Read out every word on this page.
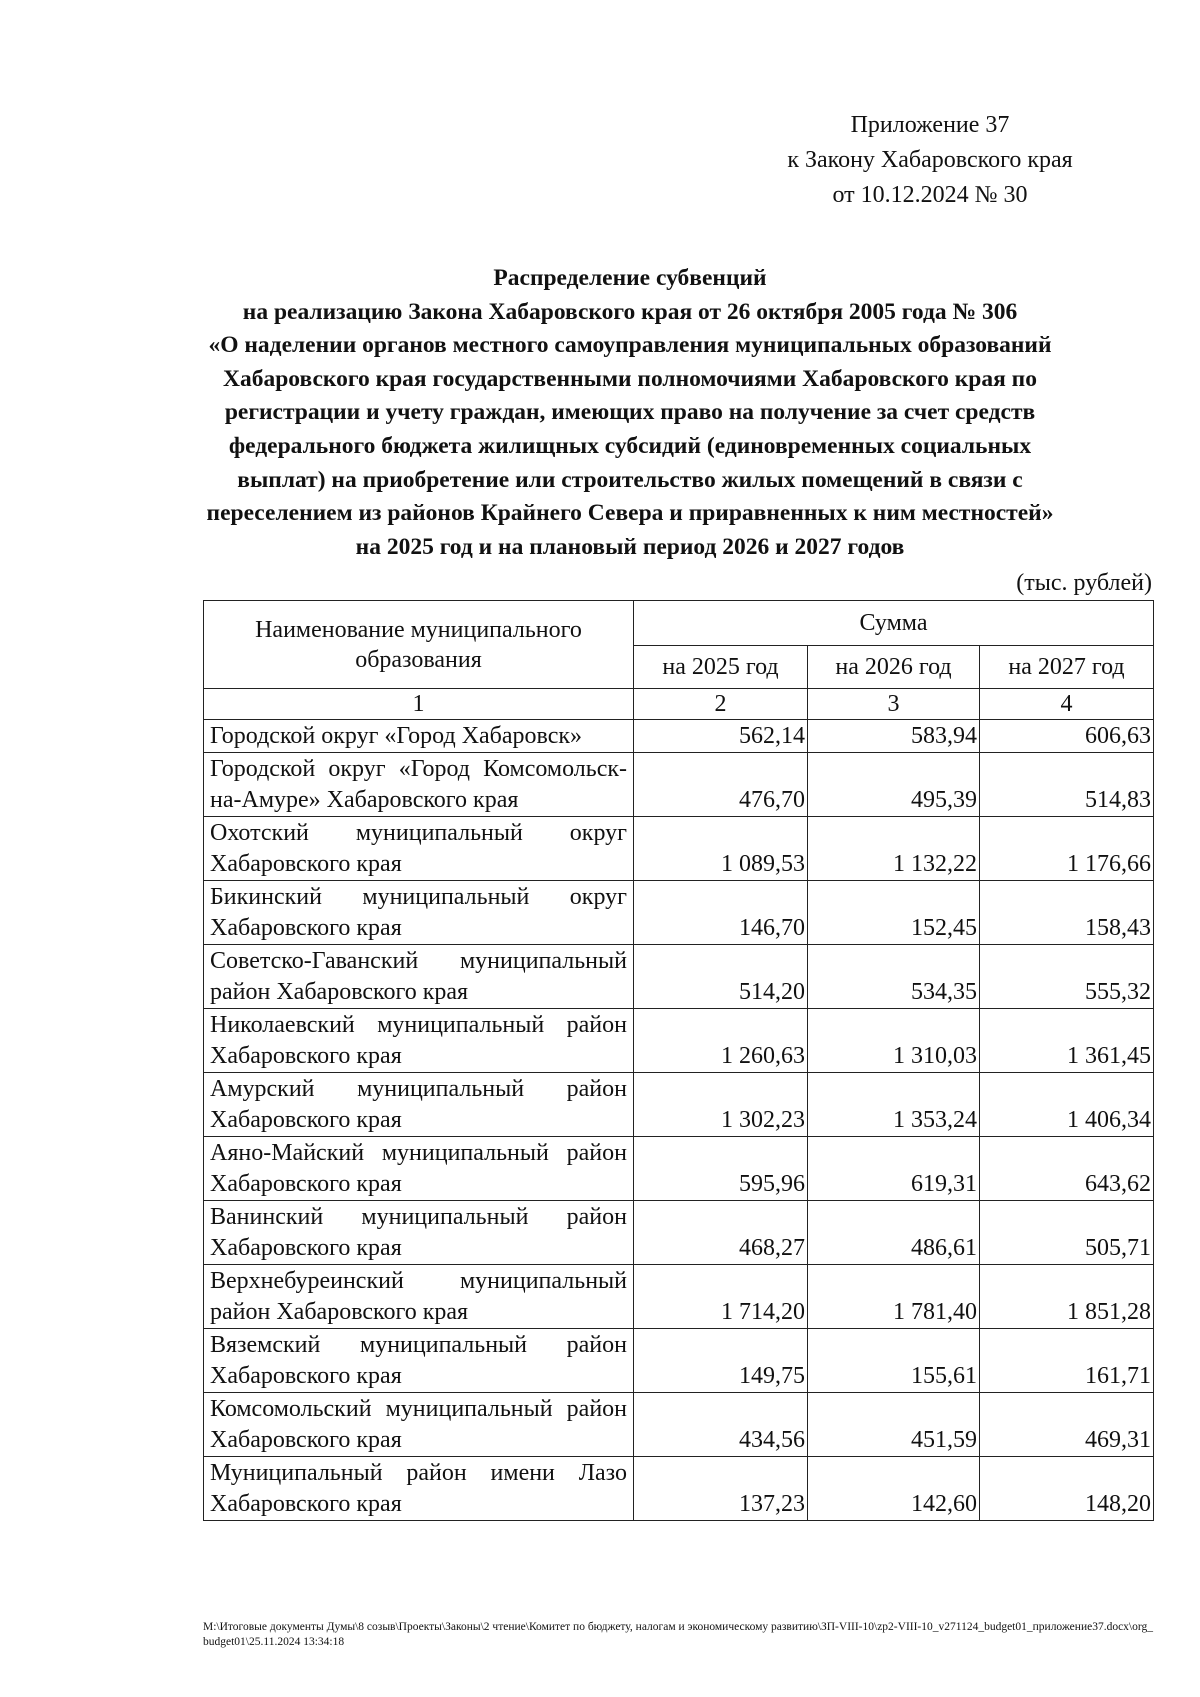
Приложение 37
к Закону Хабаровского края
от 10.12.2024 № 30
Распределение субвенций
на реализацию Закона Хабаровского края от 26 октября 2005 года № 306
«О наделении органов местного самоуправления муниципальных образований
Хабаровского края государственными полномочиями Хабаровского края по
регистрации и учету граждан, имеющих право на получение за счет средств
федерального бюджета жилищных субсидий (единовременных социальных
выплат) на приобретение или строительство жилых помещений в связи с
переселением из районов Крайнего Севера и приравненных к ним местностей»
на 2025 год и на плановый период 2026 и 2027 годов
(тыс. рублей)
Наименование муниципального
образования	Сумма		
	на 2025 год	на 2026 год	на 2027 год
1	2	3	4
Городской округ «Город Хабаровск»	562,14	583,94	606,63
Городской округ «Город Комсомольск-на-Амуре» Хабаровского края	476,70	495,39	514,83
Охотский муниципальный округ Хабаровского края	1 089,53	1 132,22	1 176,66
Бикинский муниципальный округ Хабаровского края	146,70	152,45	158,43
Советско-Гаванский муниципальный район Хабаровского края	514,20	534,35	555,32
Николаевский муниципальный район Хабаровского края	1 260,63	1 310,03	1 361,45
Амурский муниципальный район Хабаровского края	1 302,23	1 353,24	1 406,34
Аяно-Майский муниципальный район Хабаровского края	595,96	619,31	643,62
Ванинский муниципальный район Хабаровского края	468,27	486,61	505,71
Верхнебуреинский муниципальный район Хабаровского края	1 714,20	1 781,40	1 851,28
Вяземский муниципальный район Хабаровского края	149,75	155,61	161,71
Комсомольский муниципальный район Хабаровского края	434,56	451,59	469,31
Муниципальный район имени Лазо Хабаровского края	137,23	142,60	148,20
M:\Итоговые документы Думы\8 созыв\Проекты\Законы\2 чтение\Комитет по бюджету, налогам и экономическому развитию\ЗП-VIII-10\zp2-VIII-10_v271124_budget01_приложение37.docx\org_budget01\25.11.2024 13:34:18
